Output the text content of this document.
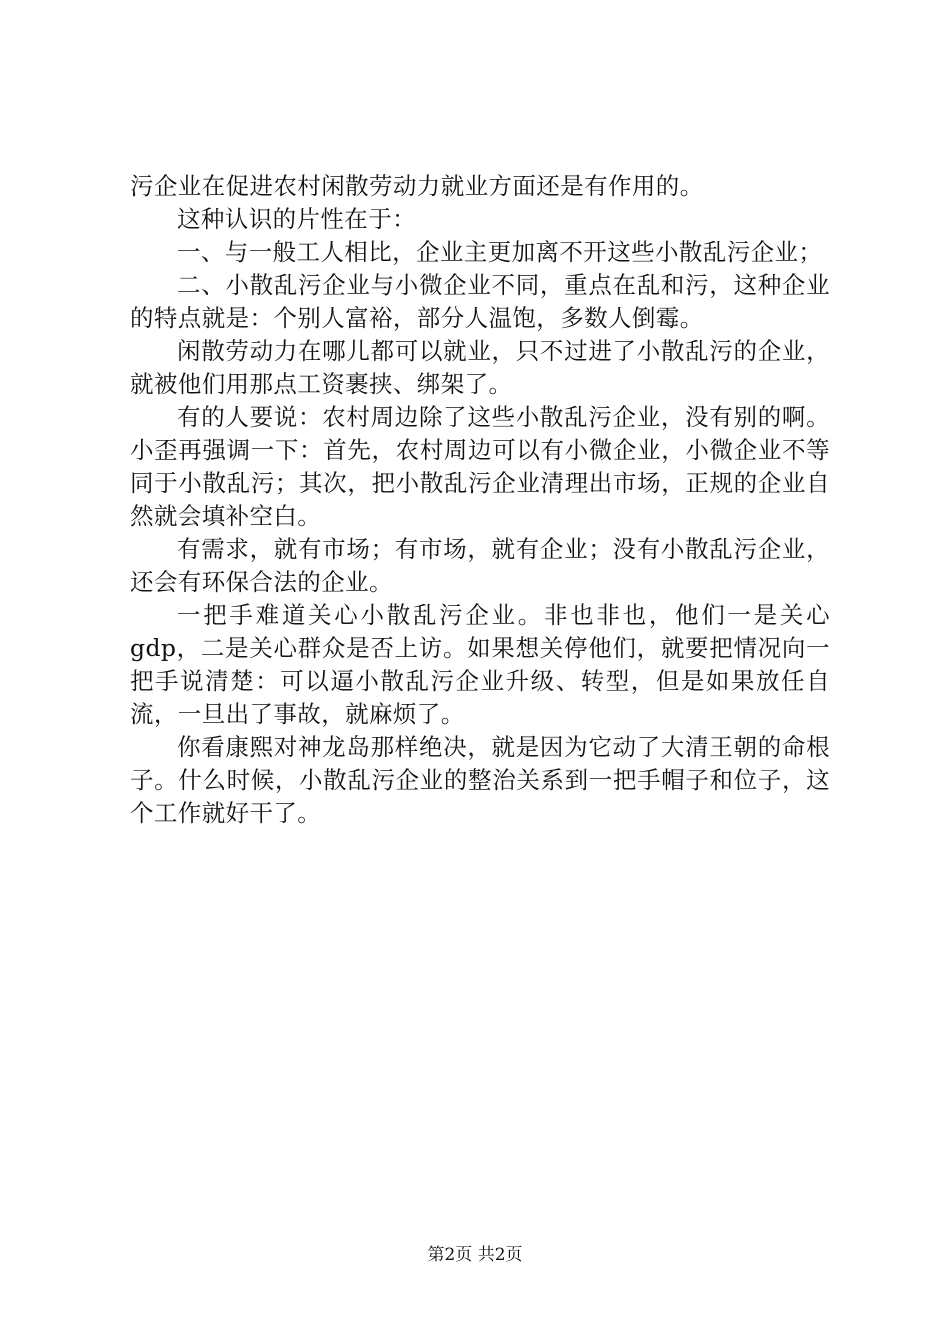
污企业在促进农村闲散劳动力就业方面还是有作用的。

这种认识的片性在于：

一、与一般工人相比，企业主更加离不开这些小散乱污企业；

二、小散乱污企业与小微企业不同，重点在乱和污，这种企业的特点就是：个别人富裕，部分人温饱，多数人倒霉。

闲散劳动力在哪儿都可以就业，只不过进了小散乱污的企业，就被他们用那点工资裹挟、绑架了。

有的人要说：农村周边除了这些小散乱污企业，没有别的啊。小歪再强调一下：首先，农村周边可以有小微企业，小微企业不等同于小散乱污；其次，把小散乱污企业清理出市场，正规的企业自然就会填补空白。

有需求，就有市场；有市场，就有企业；没有小散乱污企业，还会有环保合法的企业。

一把手难道关心小散乱污企业。非也非也，他们一是关心gdp，二是关心群众是否上访。如果想关停他们，就要把情况向一把手说清楚：可以逼小散乱污企业升级、转型，但是如果放任自流，一旦出了事故，就麻烦了。

你看康熙对神龙岛那样绝决，就是因为它动了大清王朝的命根子。什么时候，小散乱污企业的整治关系到一把手帽子和位子，这个工作就好干了。

第2页 共2页
